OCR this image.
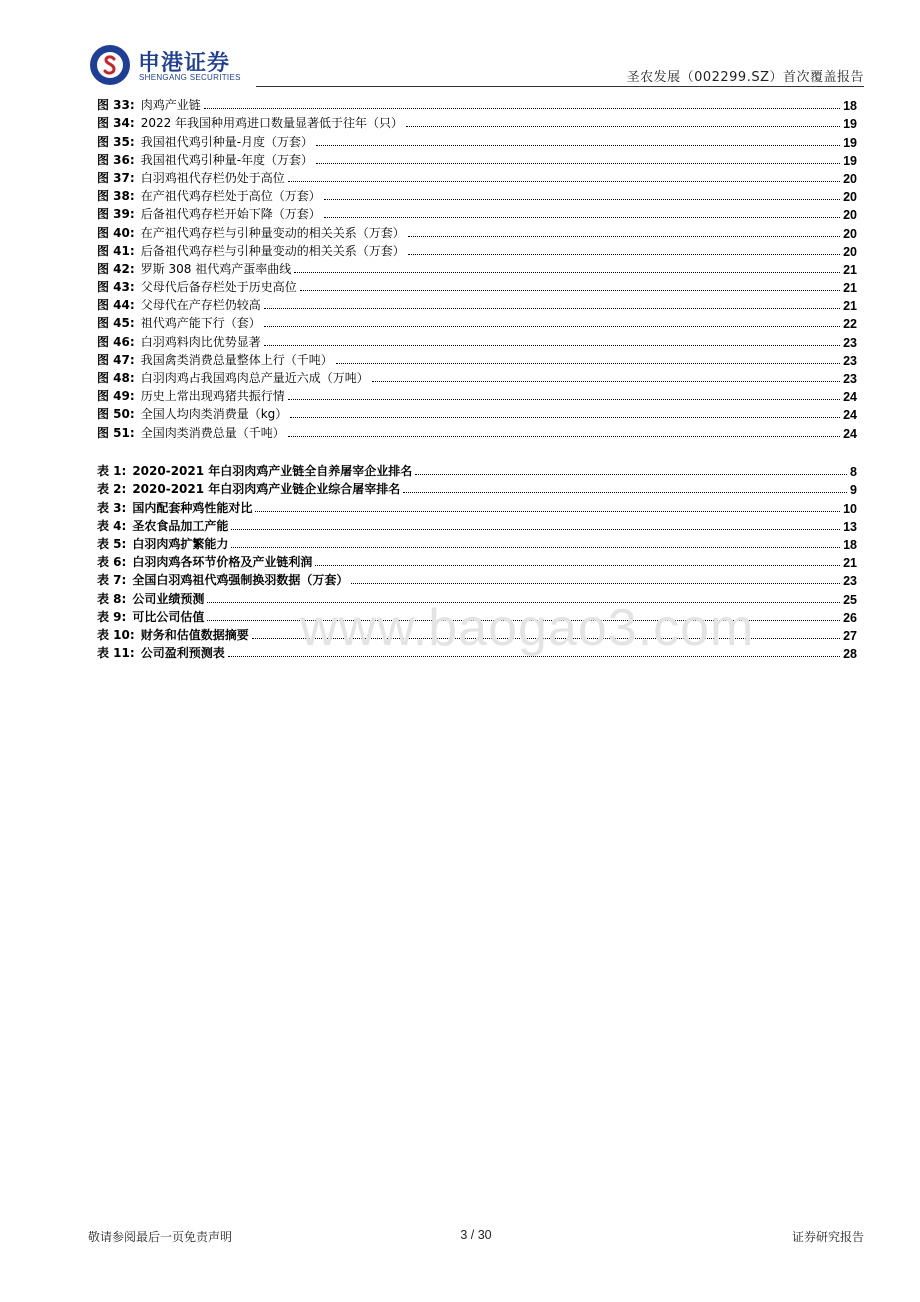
申港证券
SHENGANG SECURITIES	圣农发展（002299.SZ）首次覆盖报告
图 33: 肉鸡产业链	18
图 34: 2022 年我国种用鸡进口数量显著低于往年（只）	19
图 35: 我国祖代鸡引种量-月度（万套）	19
图 36: 我国祖代鸡引种量-年度（万套）	19
图 37: 白羽鸡祖代存栏仍处于高位	20
图 38: 在产祖代鸡存栏处于高位（万套）	20
图 39: 后备祖代鸡存栏开始下降（万套）	20
图 40: 在产祖代鸡存栏与引种量变动的相关关系（万套）	20
图 41: 后备祖代鸡存栏与引种量变动的相关关系（万套）	20
图 42: 罗斯 308 祖代鸡产蛋率曲线	21
图 43: 父母代后备存栏处于历史高位	21
图 44: 父母代在产存栏仍较高	21
图 45: 祖代鸡产能下行（套）	22
图 46: 白羽鸡料肉比优势显著	23
图 47: 我国禽类消费总量整体上行（千吨）	23
图 48: 白羽肉鸡占我国鸡肉总产量近六成（万吨）	23
图 49: 历史上常出现鸡猪共振行情	24
图 50: 全国人均肉类消费量（kg）	24
图 51: 全国肉类消费总量（千吨）	24
表 1: 2020-2021 年白羽肉鸡产业链全自养屠宰企业排名	8
表 2: 2020-2021 年白羽肉鸡产业链企业综合屠宰排名	9
表 3: 国内配套种鸡性能对比	10
表 4: 圣农食品加工产能	13
表 5: 白羽肉鸡扩繁能力	18
表 6: 白羽肉鸡各环节价格及产业链利润	21
表 7: 全国白羽鸡祖代鸡强制换羽数据（万套）	23
表 8: 公司业绩预测	25
表 9: 可比公司估值	26
表 10: 财务和估值数据摘要	27
表 11: 公司盈利预测表	28
www.baogao3.com
敬请参阅最后一页免责声明	3 / 30	证券研究报告
